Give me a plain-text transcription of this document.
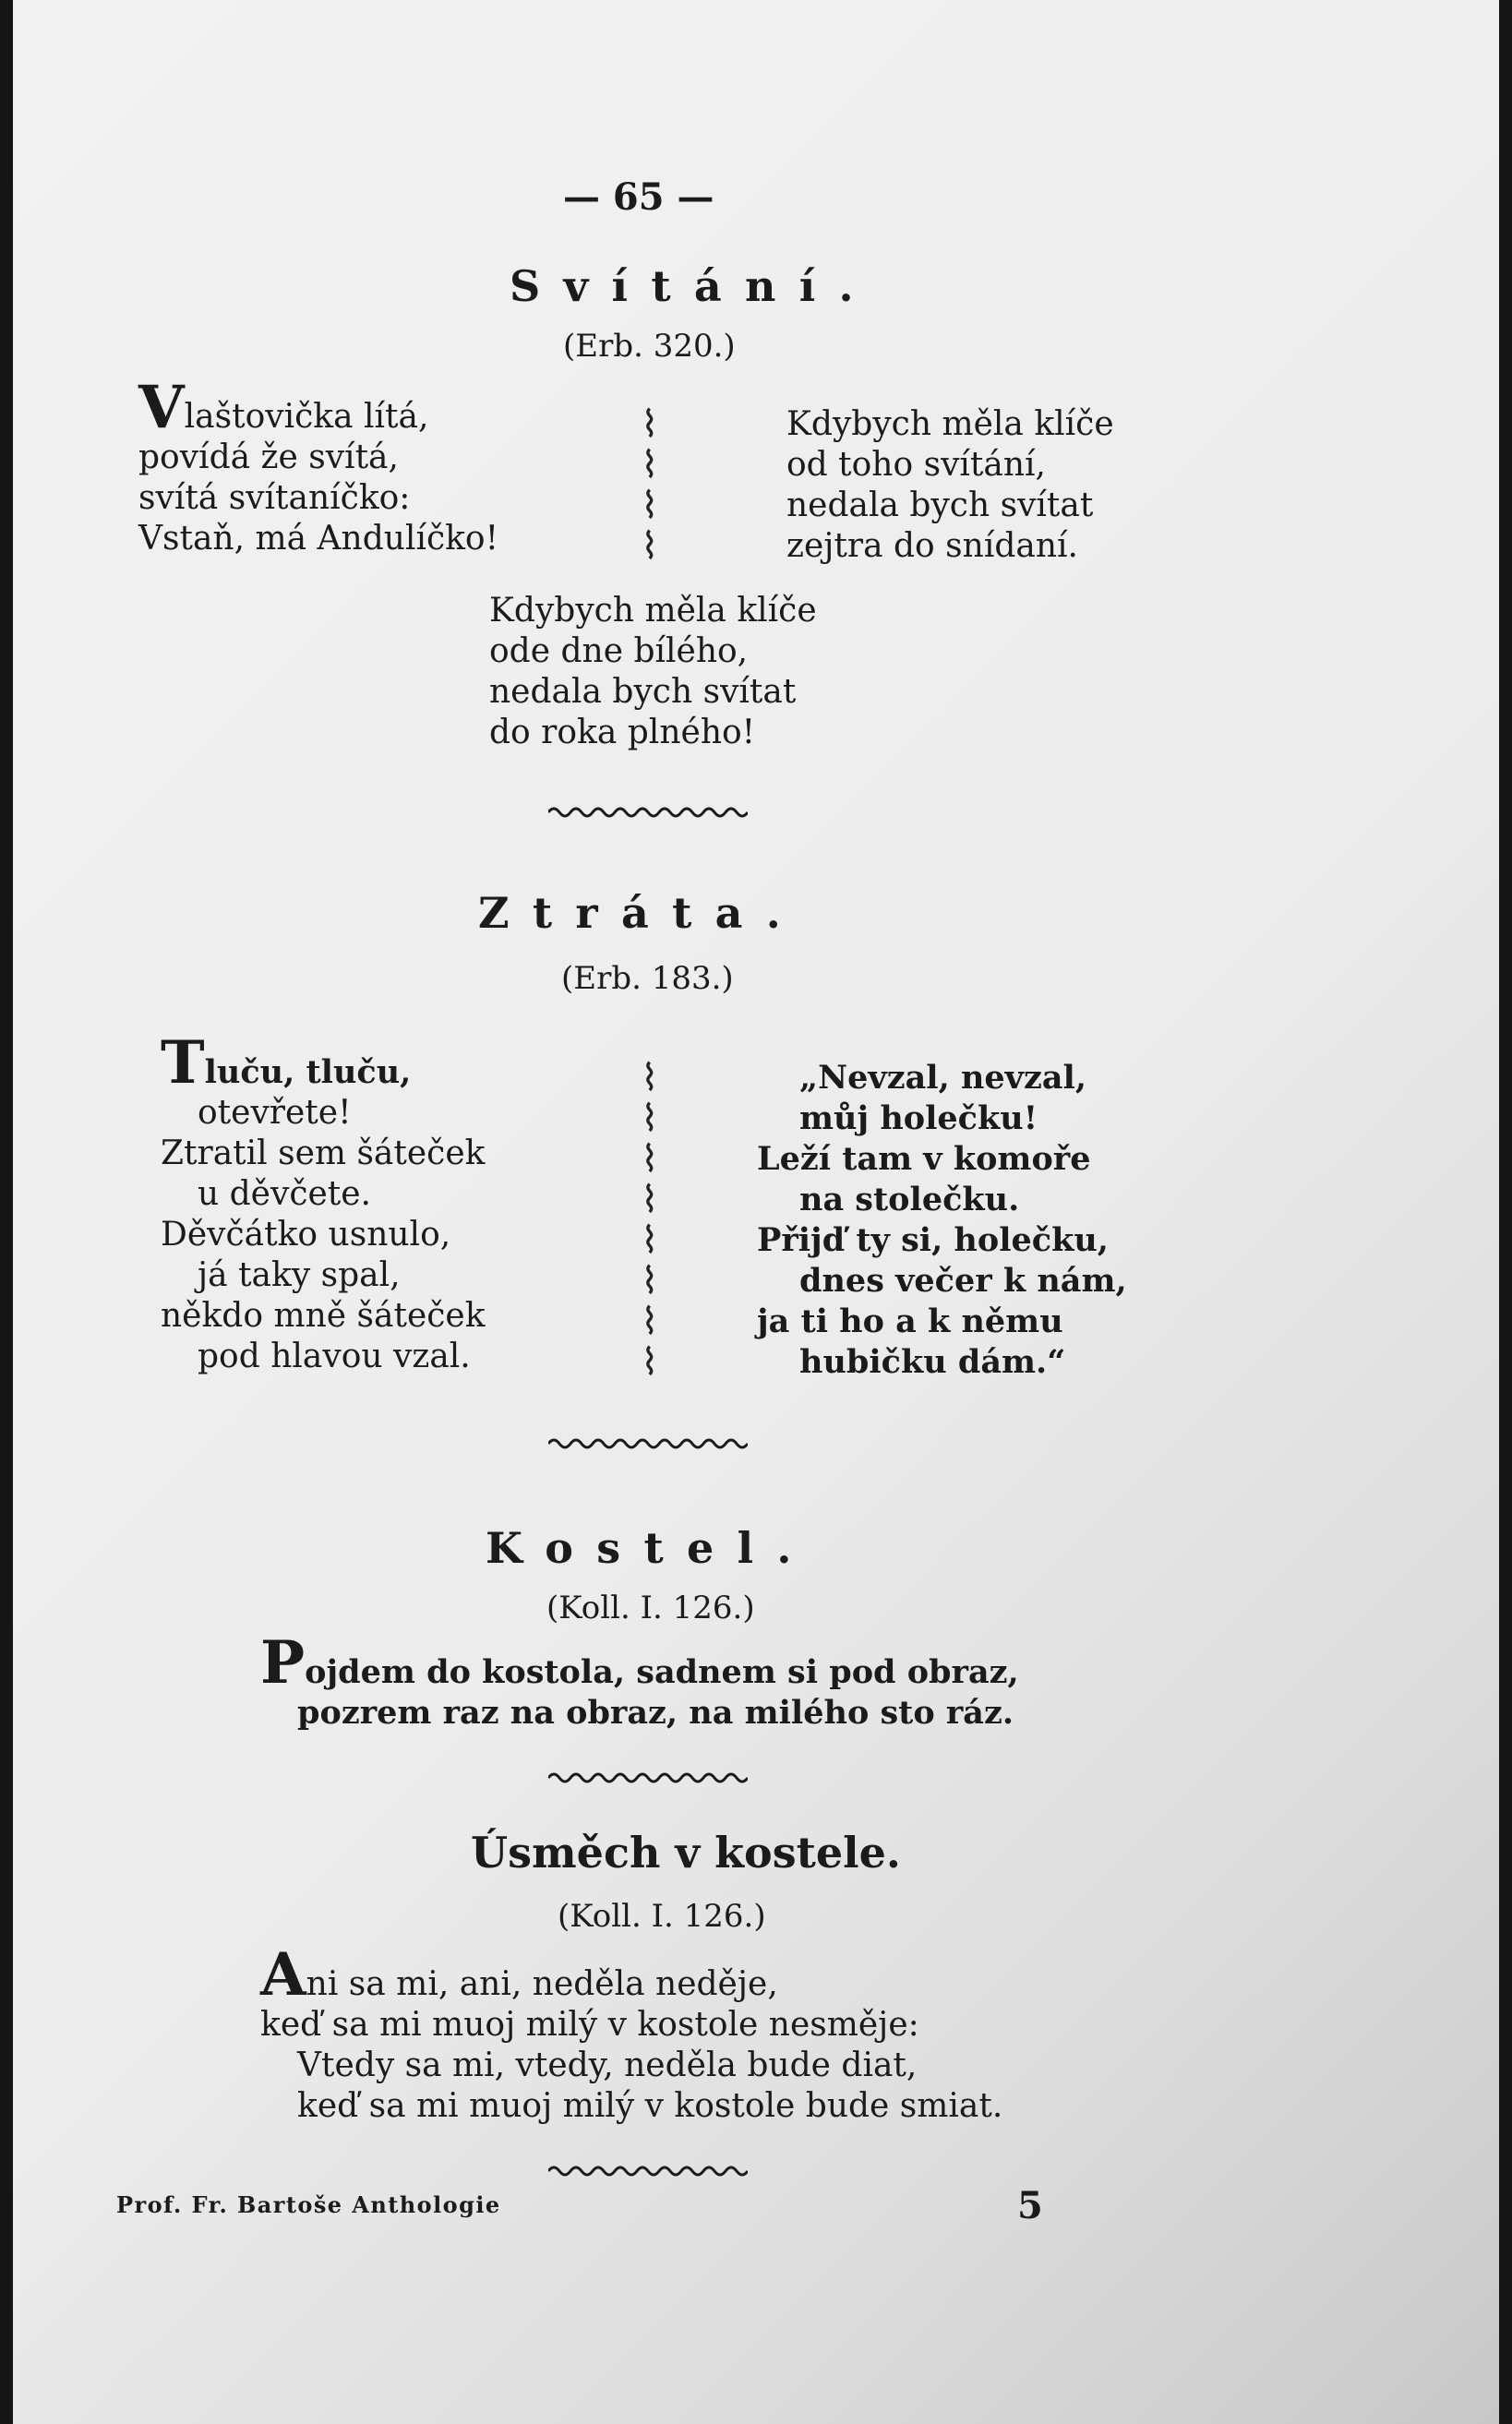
— 65 —
Svítání.
(Erb. 320.)
Vlaštovička lítá,
povídá že svítá,
svítá svítaníčko:
Vstaň, má Andulíčko!
⌇
⌇
⌇
⌇
Kdybych měla klíče
od toho svítání,
nedala bych svítat
zejtra do snídaní.
Kdybych měla klíče
ode dne bílého,
nedala bych svítat
do roka plného!
Ztráta.
(Erb. 183.)
Tluču, tluču,
otevřete!
Ztratil sem šáteček
u děvčete.
Děvčátko usnulo,
já taky spal,
někdo mně šáteček
pod hlavou vzal.
⌇
⌇
⌇
⌇
⌇
⌇
⌇
⌇
„Nevzal, nevzal,
můj holečku!
Leží tam v komoře
na stolečku.
Přijď ty si, holečku,
dnes večer k nám,
ja ti ho a k němu
hubičku dám.“
Kostel.
(Koll. I. 126.)
Pojdem do kostola, sadnem si pod obraz,
pozrem raz na obraz, na milého sto ráz.
Úsměch v kostele.
(Koll. I. 126.)
Ani sa mi, ani, neděla neděje,
keď sa mi muoj milý v kostole nesměje:
Vtedy sa mi, vtedy, neděla bude diat,
keď sa mi muoj milý v kostole bude smiat.
Prof. Fr. Bartoše Anthologie	5
